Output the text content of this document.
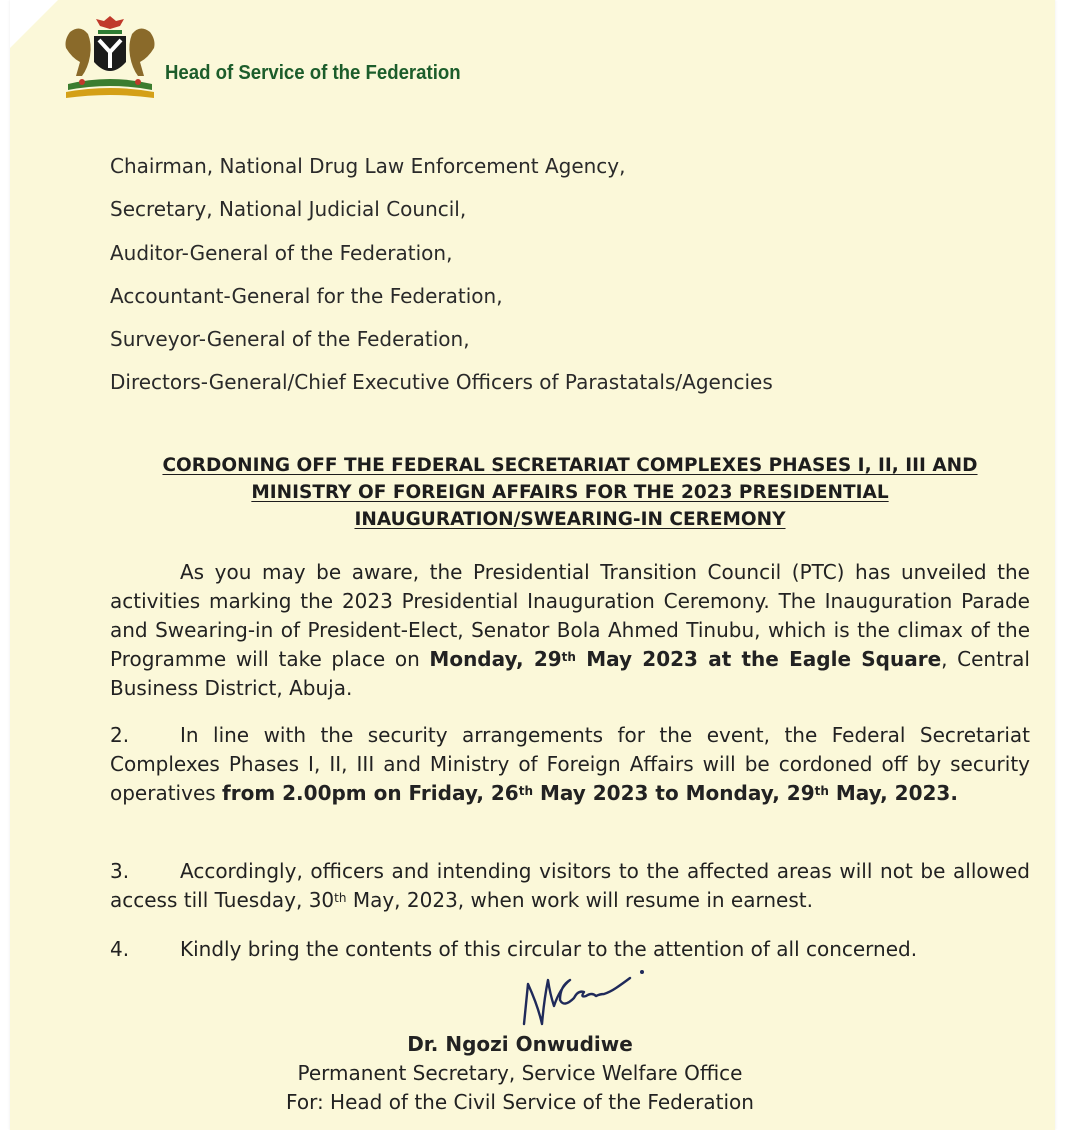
Head of Service of the Federation
Chairman, National Drug Law Enforcement Agency,
Secretary, National Judicial Council,
Auditor-General of the Federation,
Accountant-General for the Federation,
Surveyor-General of the Federation,
Directors-General/Chief Executive Officers of Parastatals/Agencies
CORDONING OFF THE FEDERAL SECRETARIAT COMPLEXES PHASES I, II, III AND
MINISTRY OF FOREIGN AFFAIRS FOR THE 2023 PRESIDENTIAL
INAUGURATION/SWEARING-IN CEREMONY

As you may be aware, the Presidential Transition Council (PTC) has unveiled the activities marking the 2023 Presidential Inauguration Ceremony. The Inauguration Parade and Swearing-in of President-Elect, Senator Bola Ahmed Tinubu, which is the climax of the Programme will take place on Monday, 29th May 2023 at the Eagle Square, Central Business District, Abuja.

2.	In line with the security arrangements for the event, the Federal Secretariat Complexes Phases I, II, III and Ministry of Foreign Affairs will be cordoned off by security operatives from 2.00pm on Friday, 26th May 2023 to Monday, 29th May, 2023.

3.	Accordingly, officers and intending visitors to the affected areas will not be allowed access till Tuesday, 30th May, 2023, when work will resume in earnest.

4.	Kindly bring the contents of this circular to the attention of all concerned.

Dr. Ngozi Onwudiwe
Permanent Secretary, Service Welfare Office
For: Head of the Civil Service of the Federation
